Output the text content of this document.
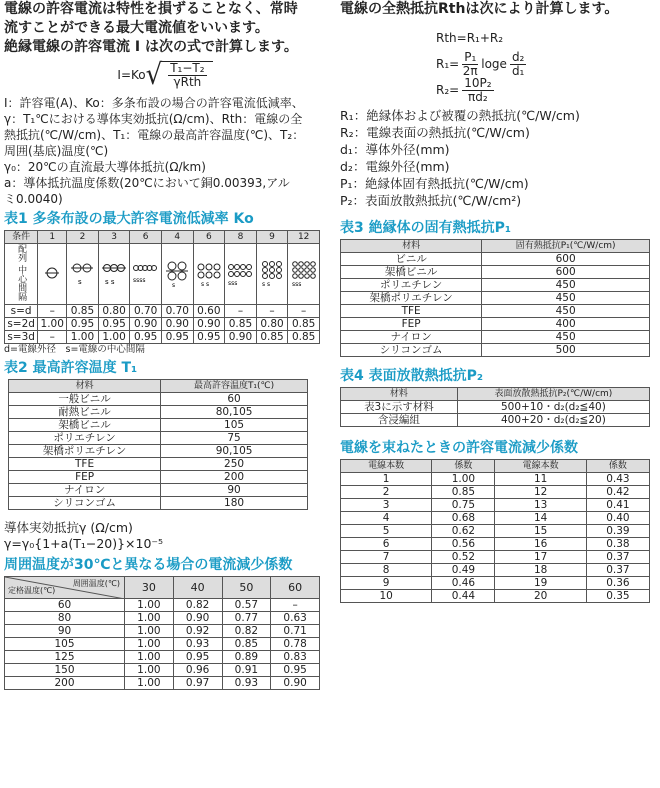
電線の許容電流は特性を損ずることなく、常時
流すことができる最大電流値をいいます。
絶縁電線の許容電流 I は次の式で計算します。
I=Ko √ $\frac{\text{T₁−T₂}}{\text{γRth}}$
I：許容電(A)、Ko：多条布設の場合の許容電流低減率、
γ：T₁℃における導体実効抵抗(Ω/cm)、Rth：電線の全
熱抵抗(℃/W/cm)、T₁：電線の最高許容温度(℃)、T₂：
周囲(基底)温度(℃)
γ₀：20℃の直流最大導体抵抗(Ω/km)
a：導体抵抗温度係数(20℃において銅0.00393,アル
ミ0.0040)
表1 多条布設の最大許容電流低減率 Ko
条件	1	2	3	6	4	6	8	9	12
配列
中心間隔		s	s s	ssss	s	s s	sss	s s	sss

s=d	–	0.85	0.80	0.70	0.70	0.60	–	–	–
s=2d	1.00	0.95	0.95	0.90	0.90	0.90	0.85	0.80	0.85
s=3d	–	1.00	1.00	0.95	0.95	0.95	0.90	0.85	0.85
d=電線外径　s=電線の中心間隔
表2 最高許容温度 T₁
材料	最高許容温度T₁(℃)
一般ビニル	60
耐熱ビニル	80,105
架橋ビニル	105
ポリエチレン	75
架橋ポリエチレン	90,105
TFE	250
FEP	200
ナイロン	90
シリコンゴム	180
導体実効抵抗γ (Ω/cm)
γ=γ₀{1+a(T₁−20)}×10⁻⁵
周囲温度が30℃と異なる場合の電流減少係数
周囲温度(℃)
定格温度(℃)	30	40	50	60
60	1.00	0.82	0.57	–
80	1.00	0.90	0.77	0.63
90	1.00	0.92	0.82	0.71
105	1.00	0.93	0.85	0.78
125	1.00	0.95	0.89	0.83
150	1.00	0.96	0.91	0.95
200	1.00	0.97	0.93	0.90
電線の全熱抵抗Rthは次により計算します。
Rth=R₁+R₂
$R_1= \frac{\text{P₁}}{2\pi}$ loge $\frac{\text{d₂}}{\text{d₁}}$
$R_2= \frac{\text{10P₂}}{\text{πd₂}}$
R₁：絶縁体および被覆の熱抵抗(℃/W/cm)
R₂：電線表面の熱抵抗(℃/W/cm)
d₁：導体外径(mm)
d₂：電線外径(mm)
P₁：絶縁体固有熱抵抗(℃/W/cm)
P₂：表面放散熱抵抗(℃/W/cm²)
表3 絶縁体の固有熱抵抗P₁
材料	固有熱抵抗P₁(℃/W/cm)
ビニル	600
架橋ビニル	600
ポリエチレン	450
架橋ポリエチレン	450
TFE	450
FEP	400
ナイロン	450
シリコンゴム	500
表4 表面放散熱抵抗P₂
材料	表面放散熱抵抗P₂(℃/W/cm)
表3に示す材料	500+10・d₂(d₂≦40)
含浸編組	400+20・d₂(d₂≦20)
電線を束ねたときの許容電流減少係数
電線本数	係数	電線本数	係数
1	1.00	11	0.43
2	0.85	12	0.42
3	0.75	13	0.41
4	0.68	14	0.40
5	0.62	15	0.39
6	0.56	16	0.38
7	0.52	17	0.37
8	0.49	18	0.37
9	0.46	19	0.36
10	0.44	20	0.35
